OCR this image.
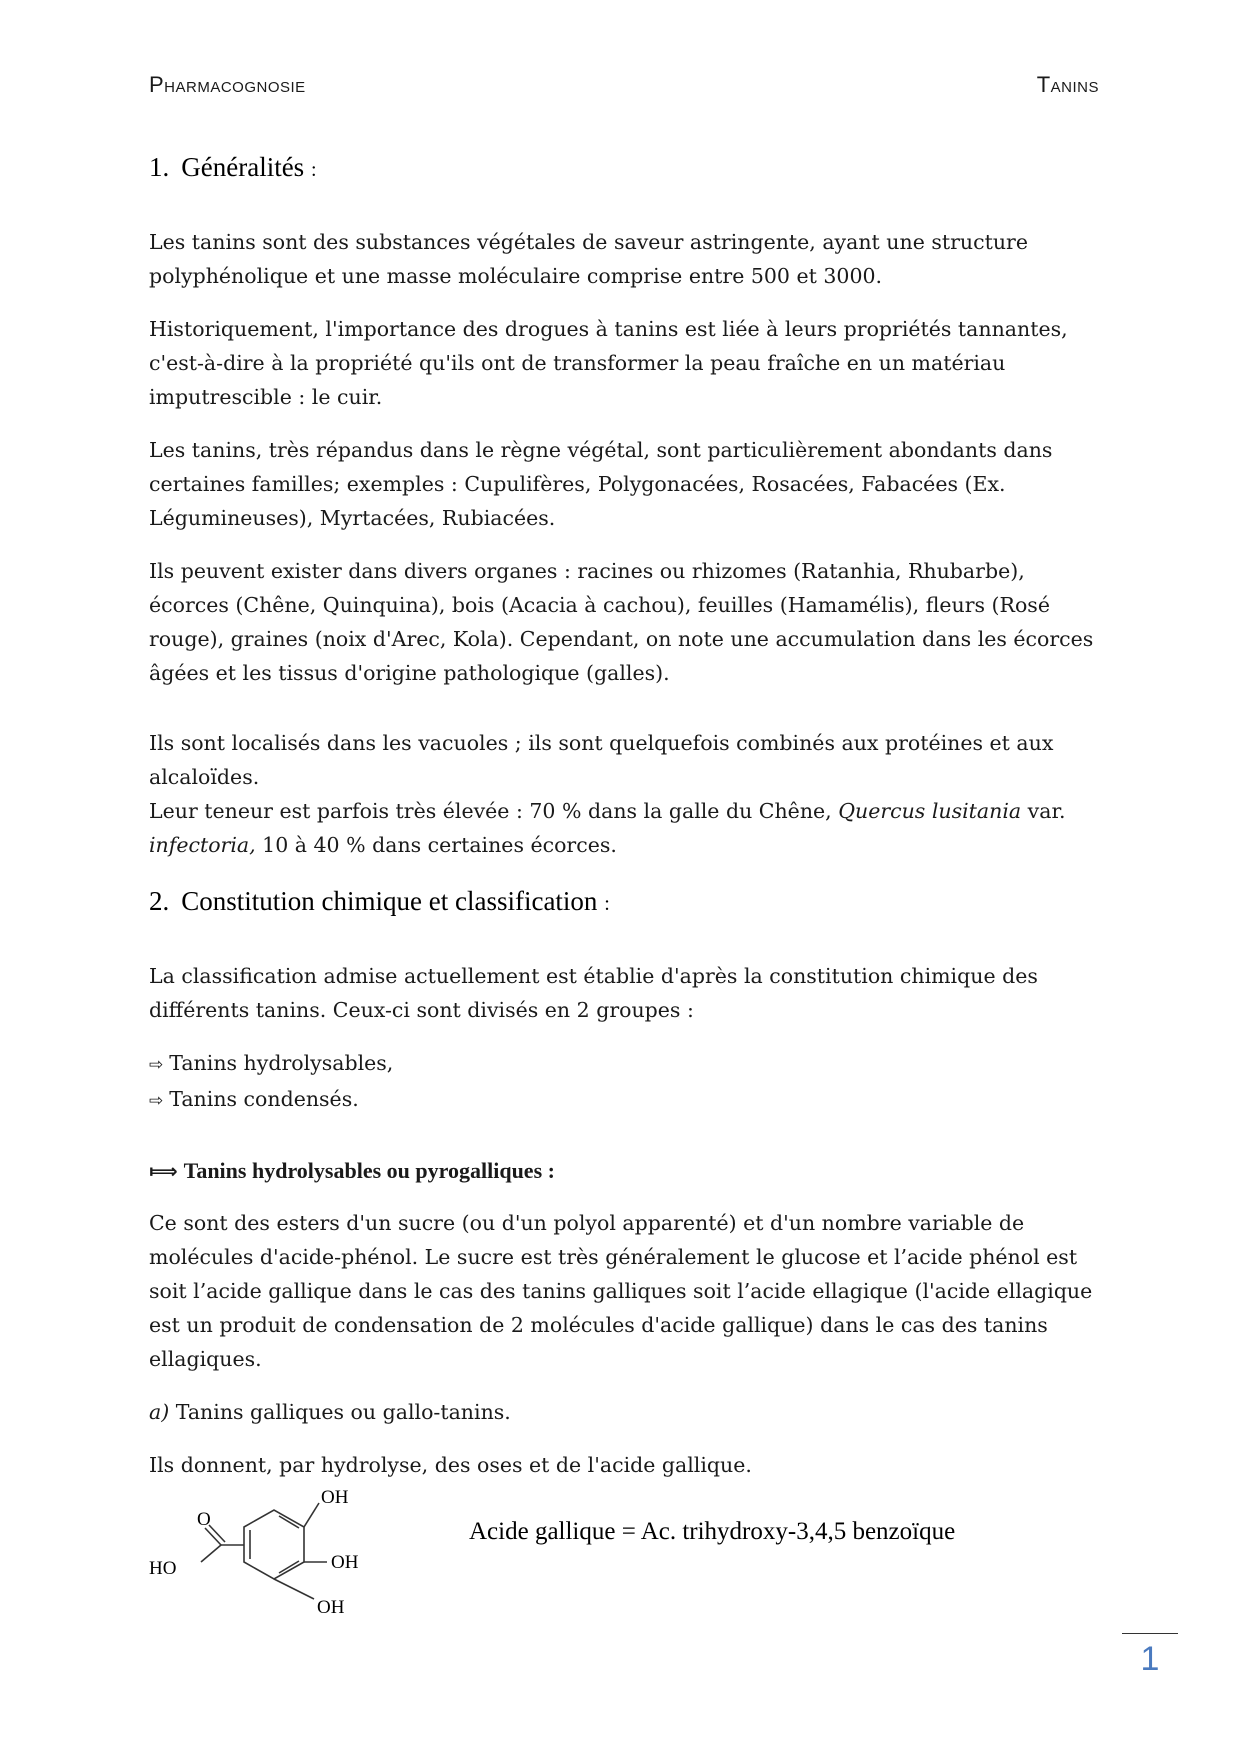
Pharmacognosie	Tanins
1. Généralités :

Les tanins sont des substances végétales de saveur astringente, ayant une structure polyphénolique et une masse moléculaire comprise entre 500 et 3000.

Historiquement, l'importance des drogues à tanins est liée à leurs propriétés tannantes, c'est-à-dire à la propriété qu'ils ont de transformer la peau fraîche en un matériau imputrescible : le cuir.

Les tanins, très répandus dans le règne végétal, sont particulièrement abondants dans certaines familles; exemples : Cupulifères, Polygonacées, Rosacées, Fabacées (Ex. Légumineuses), Myrtacées, Rubiacées.

Ils peuvent exister dans divers organes : racines ou rhizomes (Ratanhia, Rhubarbe), écorces (Chêne, Quinquina), bois (Acacia à cachou), feuilles (Hamamélis), fleurs (Rosé rouge), graines (noix d'Arec, Kola). Cependant, on note une accumulation dans les écorces âgées et les tissus d'origine pathologique (galles).

Ils sont localisés dans les vacuoles ; ils sont quelquefois combinés aux protéines et aux alcaloïdes.

Leur teneur est parfois très élevée : 70 % dans la galle du Chêne, Quercus lusitania var. infectoria, 10 à 40 % dans certaines écorces.

2. Constitution chimique et classification :

La classification admise actuellement est établie d'après la constitution chimique des différents tanins. Ceux-ci sont divisés en 2 groupes :

⇨ Tanins hydrolysables,
⇨ Tanins condensés.
⟾ Tanins hydrolysables ou pyrogalliques :

Ce sont des esters d'un sucre (ou d'un polyol apparenté) et d'un nombre variable de molécules d'acide-phénol. Le sucre est très généralement le glucose et l’acide phénol est soit l’acide gallique dans le cas des tanins galliques soit l’acide ellagique (l'acide ellagique est un produit de condensation de 2 molécules d'acide gallique) dans le cas des tanins ellagiques.

a) Tanins galliques ou gallo-tanins.

Ils donnent, par hydrolyse, des oses et de l'acide gallique.

OH
OH
OH
HO
O	Acide gallique = Ac. trihydroxy-3,4,5 benzoïque
1
